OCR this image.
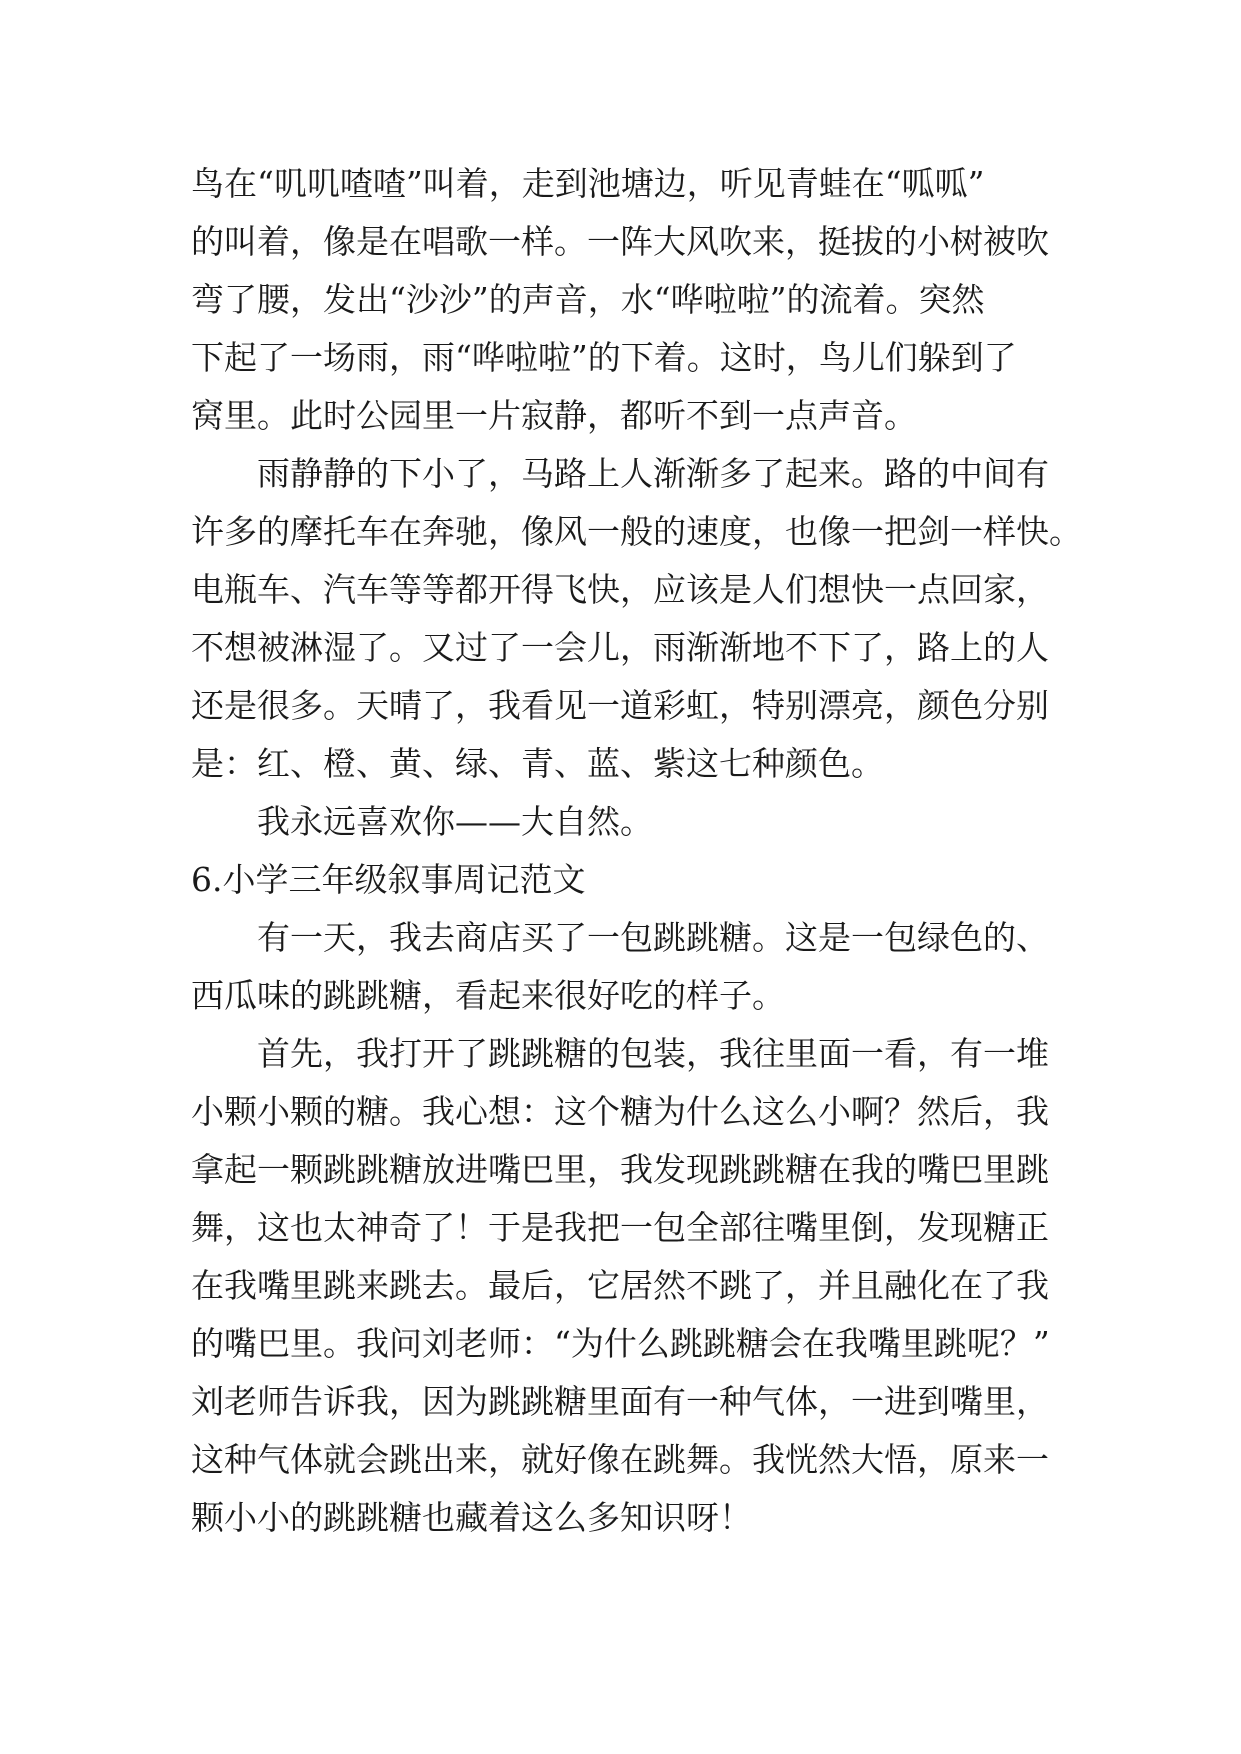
鸟在“叽叽喳喳”叫着，走到池塘边，听见青蛙在“呱呱”
的叫着，像是在唱歌一样。一阵大风吹来，挺拔的小树被吹
弯了腰，发出“沙沙”的声音，水“哗啦啦”的流着。突然
下起了一场雨，雨“哗啦啦”的下着。这时，鸟儿们躲到了
窝里。此时公园里一片寂静，都听不到一点声音。
雨静静的下小了，马路上人渐渐多了起来。路的中间有
许多的摩托车在奔驰，像风一般的速度，也像一把剑一样快。
电瓶车、汽车等等都开得飞快，应该是人们想快一点回家，
不想被淋湿了。又过了一会儿，雨渐渐地不下了，路上的人
还是很多。天晴了，我看见一道彩虹，特别漂亮，颜色分别
是：红、橙、黄、绿、青、蓝、紫这七种颜色。
我永远喜欢你——大自然。
6.小学三年级叙事周记范文
有一天，我去商店买了一包跳跳糖。这是一包绿色的、
西瓜味的跳跳糖，看起来很好吃的样子。
首先，我打开了跳跳糖的包装，我往里面一看，有一堆
小颗小颗的糖。我心想：这个糖为什么这么小啊？然后，我
拿起一颗跳跳糖放进嘴巴里，我发现跳跳糖在我的嘴巴里跳
舞，这也太神奇了！于是我把一包全部往嘴里倒，发现糖正
在我嘴里跳来跳去。最后，它居然不跳了，并且融化在了我
的嘴巴里。我问刘老师：“为什么跳跳糖会在我嘴里跳呢？”
刘老师告诉我，因为跳跳糖里面有一种气体，一进到嘴里，
这种气体就会跳出来，就好像在跳舞。我恍然大悟，原来一
颗小小的跳跳糖也藏着这么多知识呀！
